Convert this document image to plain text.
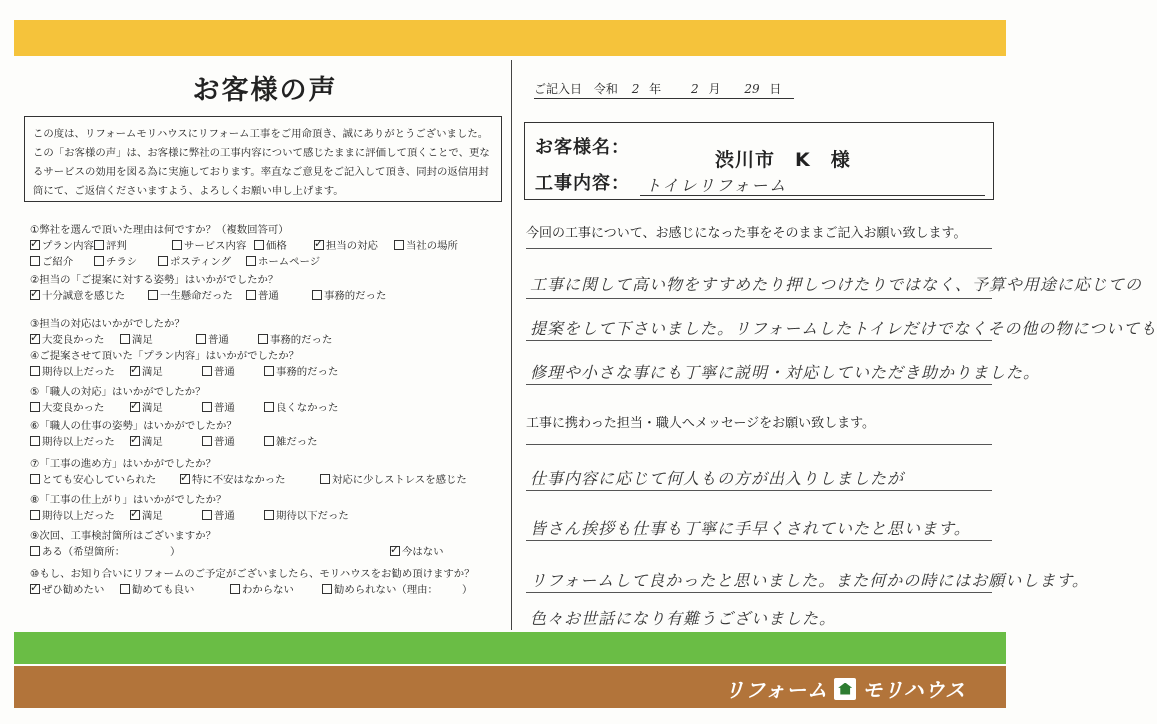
お客様の声
この度は、リフォームモリハウスにリフォーム工事をご用命頂き、誠にありがとうございました。
この「お客様の声」は、お客様に弊社の工事内容について感じたままに評価して頂くことで、更な
るサービスの効用を図る為に実施しております。率直なご意見をご記入して頂き、同封の返信用封
筒にて、ご返信くださいますよう、よろしくお願い申し上げます。
①弊社を選んで頂いた理由は何ですか？（複数回答可）
✓プラン内容	評判	サービス内容	価格 ✓	担当の対応	当社の場所
ご紹介	チラシ	ポスティング	ホームページ
②担当の「ご提案に対する姿勢」はいかがでしたか？
✓十分誠意を感じた	一生懸命だった	普通	事務的だった
③担当の対応はいかがでしたか？
✓大変良かった	満足	普通	事務的だった
④ご提案させて頂いた「プラン内容」はいかがでしたか？
期待以上だった ✓	満足	普通	事務的だった
⑤「職人の対応」はいかがでしたか？
大変良かった ✓	満足	普通	良くなかった
⑥「職人の仕事の姿勢」はいかがでしたか？
期待以上だった ✓	満足	普通	雑だった
⑦「工事の進め方」はいかがでしたか？
とても安心していられた ✓	特に不安はなかった	対応に少しストレスを感じた
⑧「工事の仕上がり」はいかがでしたか？
期待以上だった ✓	満足	普通	期待以下だった
⑨次回、工事検討箇所はございますか？
ある（希望箇所：	） ✓	今はない
⑩もし、お知り合いにリフォームのご予定がございましたら、モリハウスをお勧め頂けますか？
✓ぜひ勧めたい	勧めても良い	わからない	勧められない（理由：	）
ご記入日 令和 2 年 2 月 29 日
お客様名：
渋川市　K　様
工事内容： トイレリフォーム
今回の工事について、お感じになった事をそのままご記入お願い致します。
工事に関して高い物をすすめたり押しつけたりではなく、予算や用途に応じての
提案をして下さいました。リフォームしたトイレだけでなくその他の物についても
修理や小さな事にも丁寧に説明・対応していただき助かりました。
工事に携わった担当・職人へメッセージをお願い致します。
仕事内容に応じて何人もの方が出入りしましたが
皆さん挨拶も仕事も丁寧に手早くされていたと思います。
リフォームして良かったと思いました。また何かの時にはお願いします。
色々お世話になり有難うございました。
リフォーム モリハウス
